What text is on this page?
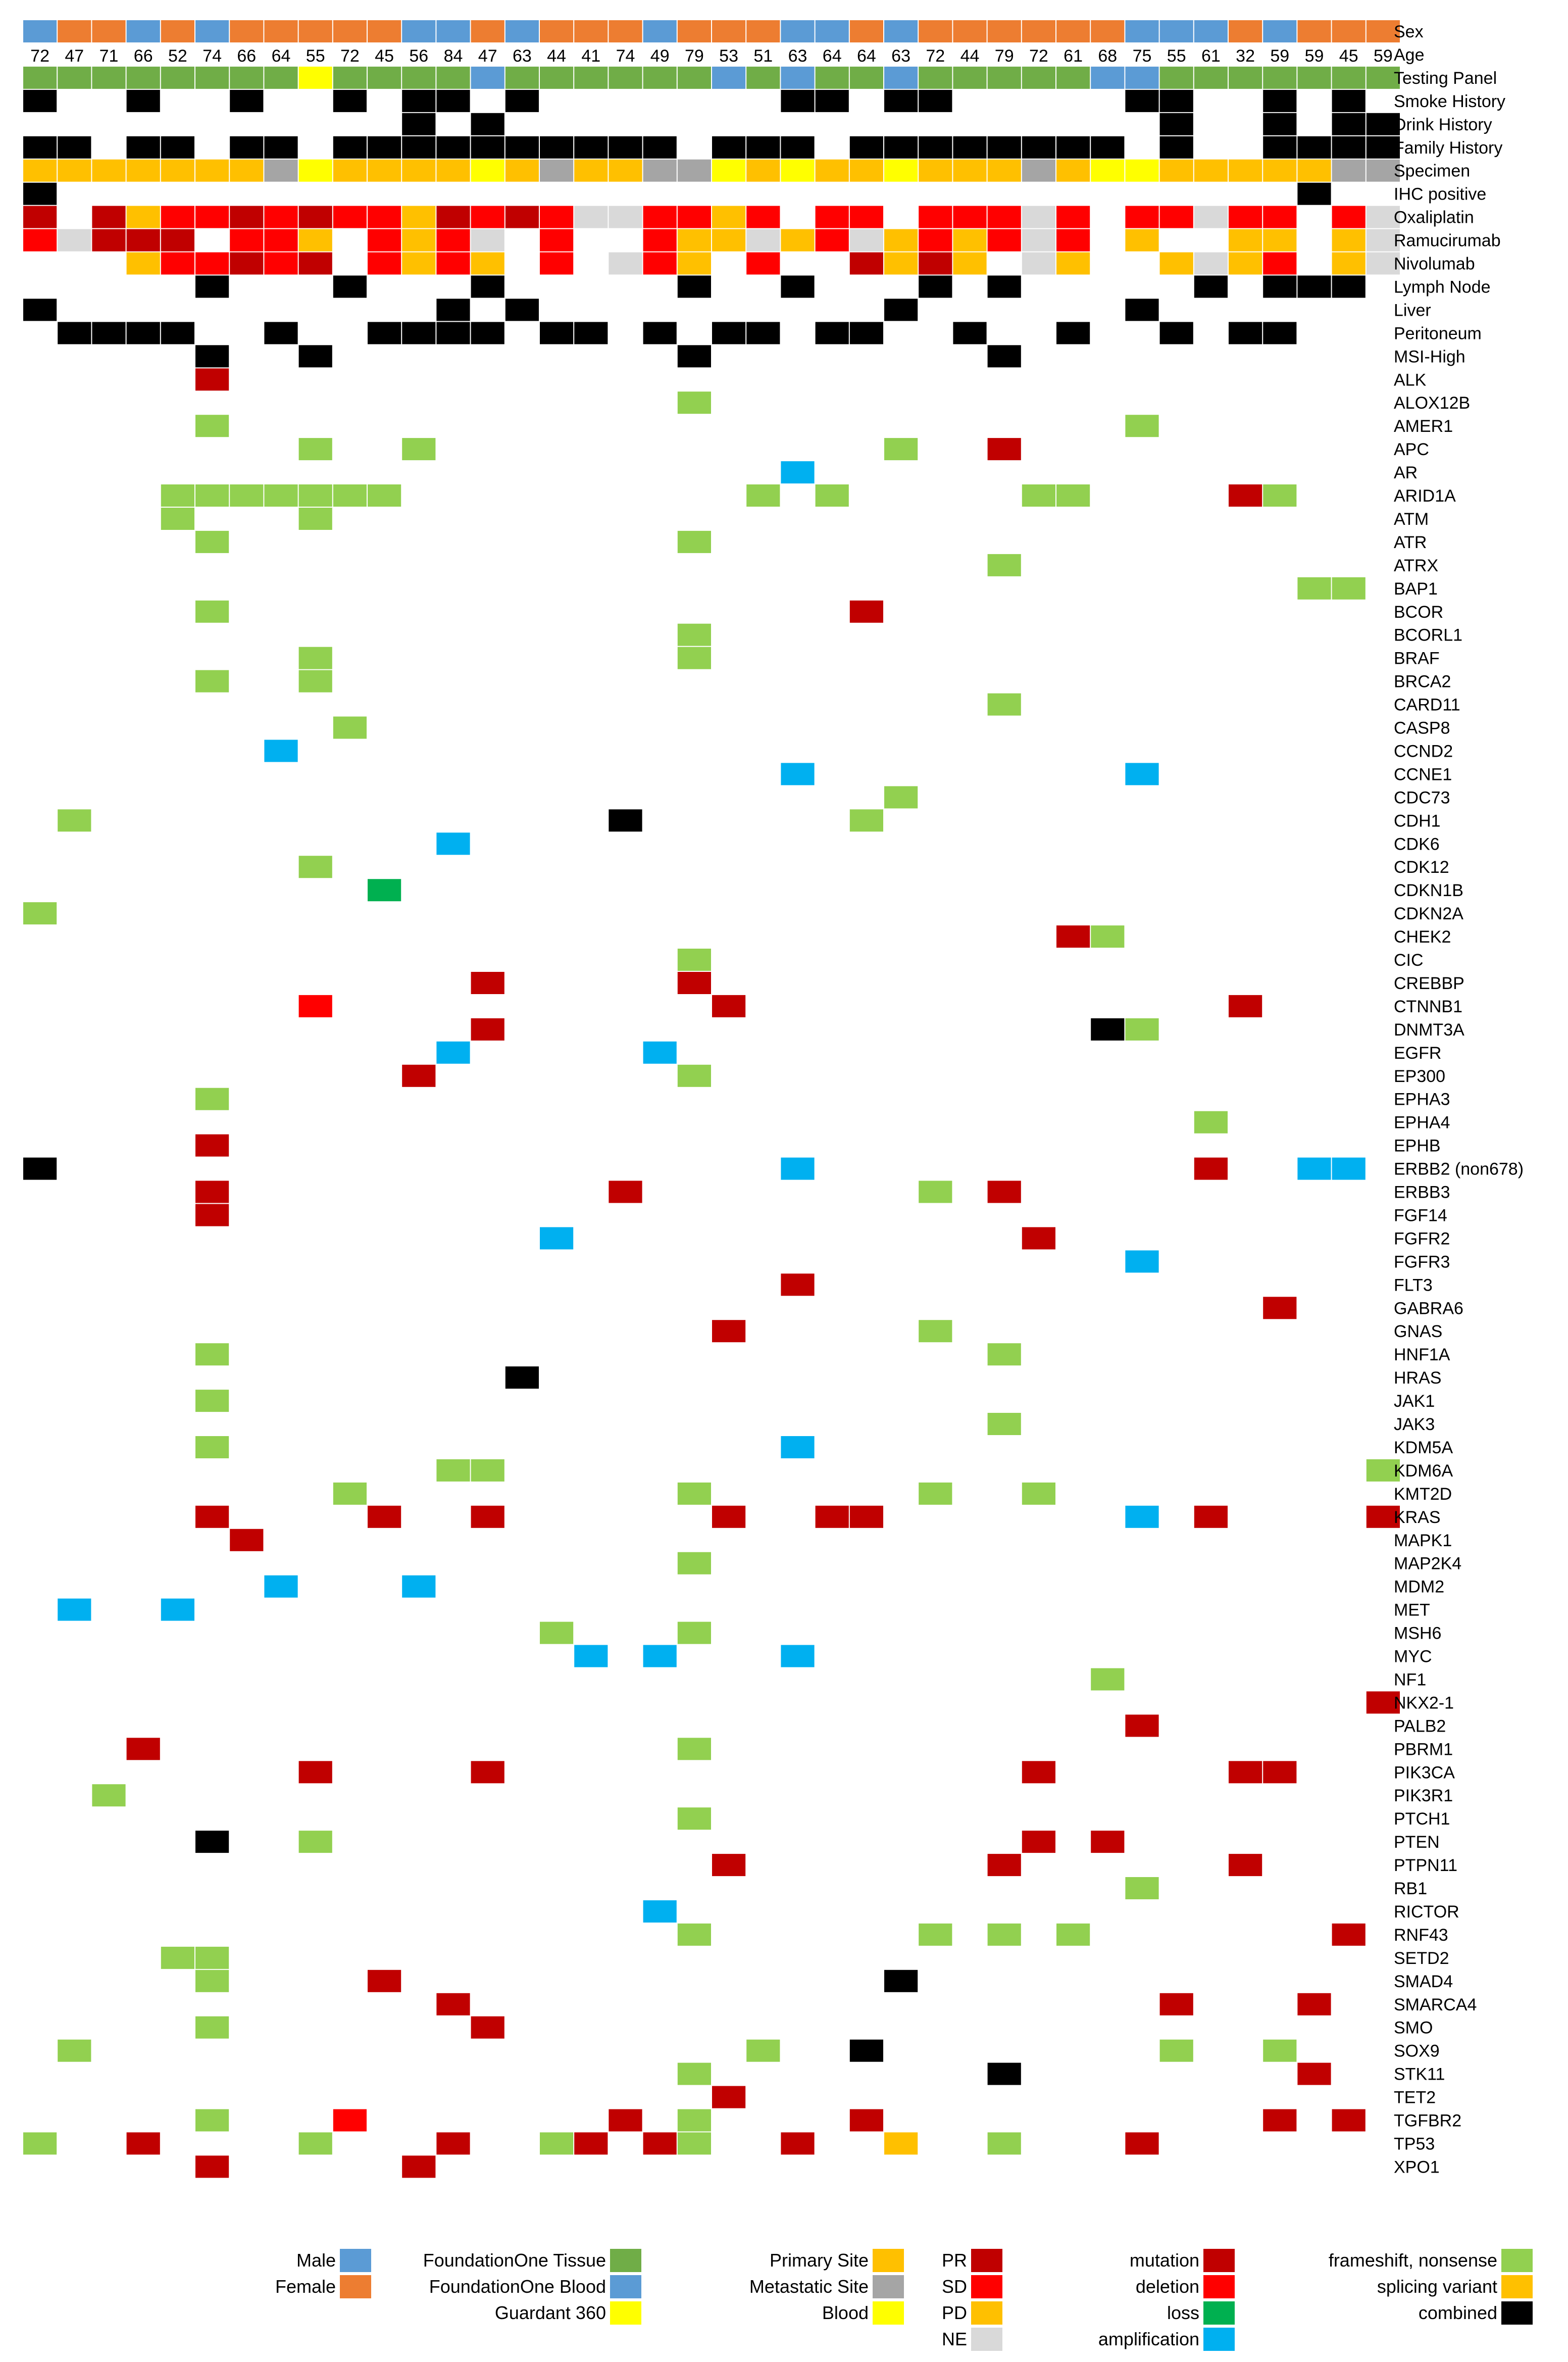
Sex
Age
Testing Panel
Smoke History
Drink History
Family History
Specimen
IHC positive
Oxaliplatin
Ramucirumab
Nivolumab
Lymph Node
Liver
Peritoneum
MSI-High
ALK
ALOX12B
AMER1
APC
AR
ARID1A
ATM
ATR
ATRX
BAP1
BCOR
BCORL1
BRAF
BRCA2
CARD11
CASP8
CCND2
CCNE1
CDC73
CDH1
CDK6
CDK12
CDKN1B
CDKN2A
CHEK2
CIC
CREBBP
CTNNB1
DNMT3A
EGFR
EP300
EPHA3
EPHA4
EPHB
ERBB2 (non678)
ERBB3
FGF14
FGFR2
FGFR3
FLT3
GABRA6
GNAS
HNF1A
HRAS
JAK1
JAK3
KDM5A
KDM6A
KMT2D
KRAS
MAPK1
MAP2K4
MDM2
MET
MSH6
MYC
NF1
NKX2-1
PALB2
PBRM1
PIK3CA
PIK3R1
PTCH1
PTEN
PTPN11
RB1
RICTOR
RNF43
SETD2
SMAD4
SMARCA4
SMO
SOX9
STK11
TET2
TGFBR2
TP53
XPO1
72 47 71 66 52 74 66 64 55 72 45 56 84 47 63 44 41 74 49 79 53 51 63 64 64 63 72 44 79 72 61 68 75 55 61 32 59 59 45 59
Male
Female
FoundationOne Tissue
FoundationOne Blood
Guardant 360
Primary Site
Metastatic Site
Blood
PR
SD
PD
NE
mutation
deletion
loss
amplification
frameshift, nonsense
splicing variant
combined
